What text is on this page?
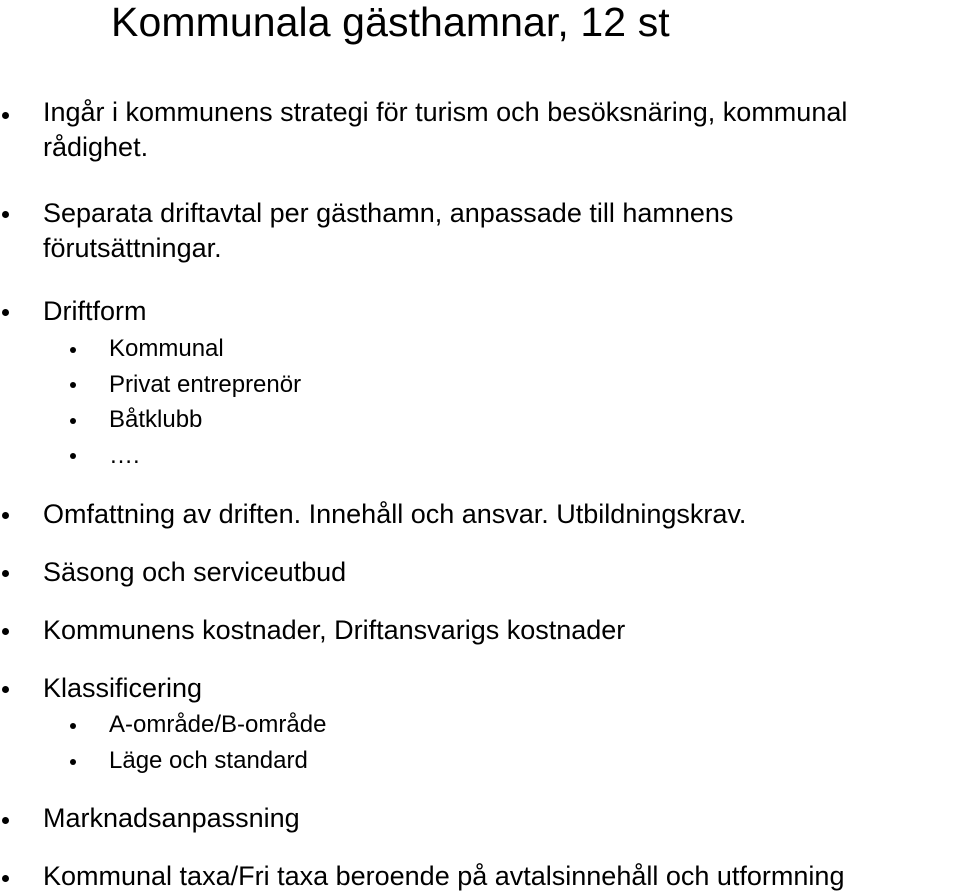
Kommunala gästhamnar, 12 st

Ingår i kommunens strategi för turism och besöksnäring, kommunal

rådighet.

Separata driftavtal per gästhamn, anpassade till hamnens

förutsättningar.

Driftform

Kommunal

Privat entreprenör

Båtklubb

….

Omfattning av driften. Innehåll och ansvar. Utbildningskrav.

Säsong och serviceutbud

Kommunens kostnader, Driftansvarigs kostnader

Klassificering

A-område/B-område

Läge och standard

Marknadsanpassning

Kommunal taxa/Fri taxa beroende på avtalsinnehåll och utformning
